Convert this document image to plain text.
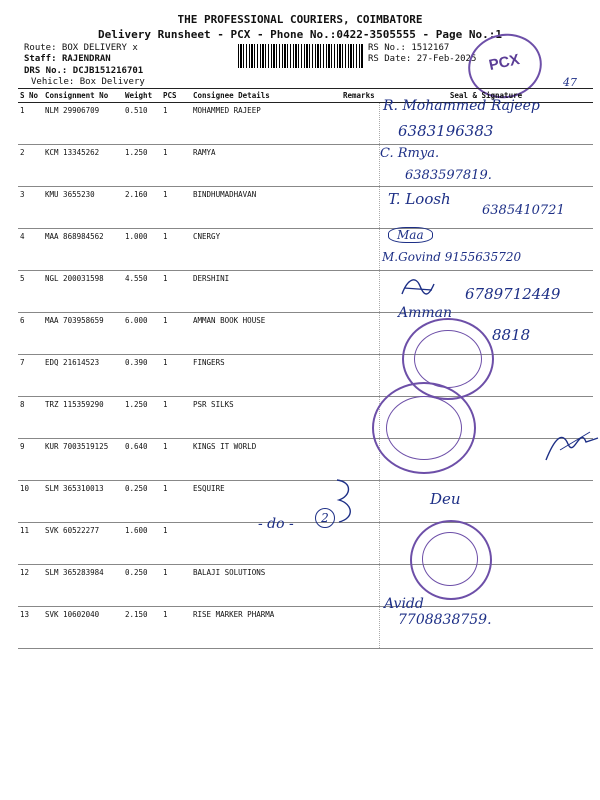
THE PROFESSIONAL COURIERS, COIMBATORE
Delivery Runsheet - PCX - Phone No.:0422-3505555 - Page No.:1
Route: BOX DELIVERY x
Staff: RAJENDRAN
DRS No.: DCJB151216701
Vehicle: Box Delivery
RS No.: 1512167
RS Date: 27-Feb-2025 PCX
47
S No	Consignment No	Weight	PCS	Consignee Details	Remarks	Seal & Signature
1	NLM 29906709	0.510	1	MOHAMMED RAJEEP		
2	KCM 13345262	1.250	1	RAMYA		
3	KMU 3655230	2.160	1	BINDHUMADHAVAN		
4	MAA 868984562	1.000	1	CNERGY		
5	NGL 200031598	4.550	1	DERSHINI		
6	MAA 703958659	6.000	1	AMMAN BOOK HOUSE		
7	EDQ 21614523	0.390	1	FINGERS		
8	TRZ 115359290	1.250	1	PSR SILKS		
9	KUR 7003519125	0.640	1	KINGS IT WORLD		
10	SLM 365310013	0.250	1	ESQUIRE		
11	SVK 60522277	1.600	1			
12	SLM 365283984	0.250	1	BALAJI SOLUTIONS		
13	SVK 10602040	2.150	1	RISE MARKER PHARMA		
R. Mohammed Rajeep
6383196383
C. Rmya.
6383597819.
T. Loosh
6385410721
Maa
M.Govind 9155635720
6789712449
Amman
8818
Deu
- do -	2
Avidd
7708838759.
